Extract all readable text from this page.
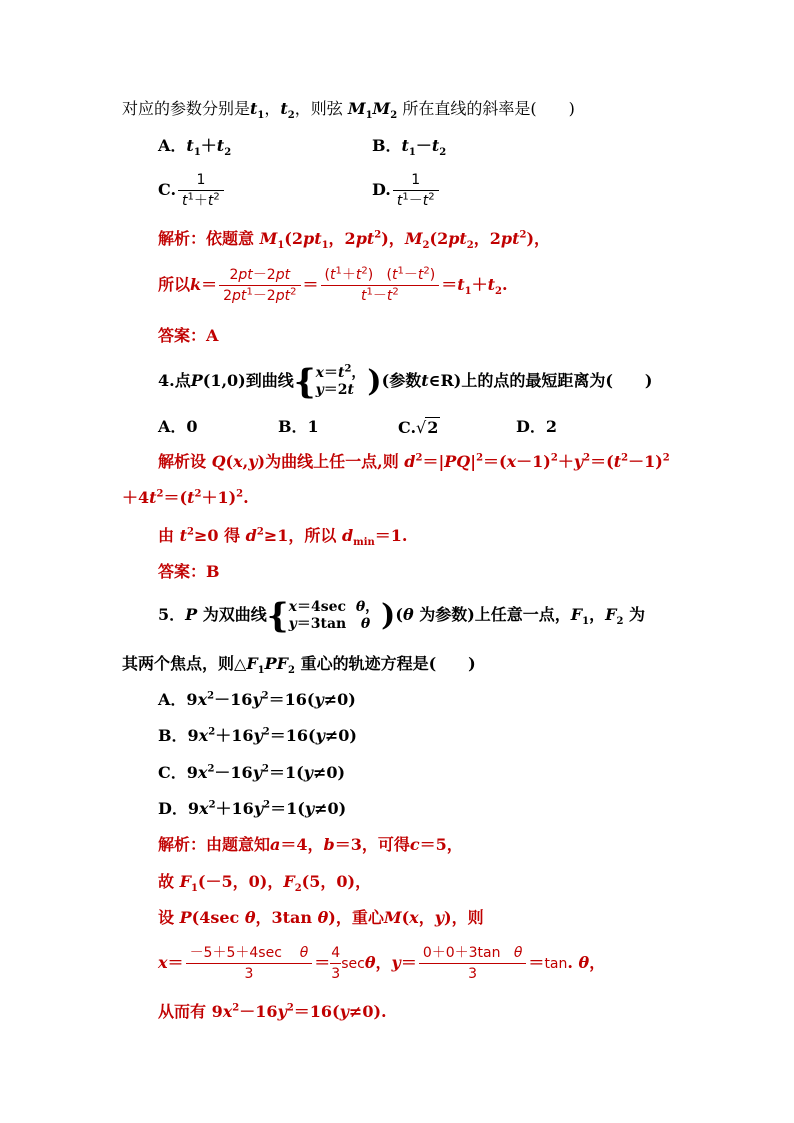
对应的参数分别是$t_1$，$t_2$，则弦 $M_1M_2$ 所在直线的斜率是(　　)
A．$t_1+t_2$	B．$t_1-t_2$
C. $\frac{1}{t^1+t^2}$	D. $\frac{1}{t^1-t^2}$
解析：依题意 $M_1(2pt_1$，$2pt^2$)，$M_2(2pt_2$，$2pt^2$)，
所以$k= \frac{2pt-2pt}{2pt^1-2pt^2} = \frac{(t^1+t^2) (t^1-t^2)}{t^1-t^2} =t_1+t_2$.
答案：A
4.点P(1,0)到曲线{ $x=t^2$，
y＝2t )(参数t∈R)上的点的最短距离为(　　)
A．0	B．1	C.√2	D．2
解析设 Q(x,y)为曲线上任一点,则 $d^2=|PQ|^2=(x-1)^2+y^2=(t^2-1)^2$
$+4t^2=(t^2+1)^2$.
由 $t^2\ge 0$ 得 $d^2\ge 1$，所以 $d_{min}=1$.
答案：B
5．P 为双曲线{ x＝4sec  θ，
y＝3tan   θ )(θ 为参数)上任意一点，$F_1$，$F_2$ 为
其两个焦点，则$\triangle F_1PF_2$ 重心的轨迹方程是(　　)
A．$9x^2-16y^2=16(y\ne 0)$
B．$9x^2+16y^2=16(y\ne 0)$
C．$9x^2-16y^2=1(y\ne 0)$
D．$9x^2+16y^2=1(y\ne 0)$
解析：由题意知a＝4，b＝3，可得c＝5，
故 $F_1(-5$，0)，$F_2(5$，0)，
设 P(4sec θ，3tan θ)，重心M(x，y)，则
$x= \frac{\text{－5＋5＋4sec    θ}}{3} = \frac{4}{3}$ secθ，$y= \frac{\text{0＋0＋3tan   θ}}{3} =\tan$. θ，
从而有 $9x^2-16y^2=16(y\ne 0)$.
